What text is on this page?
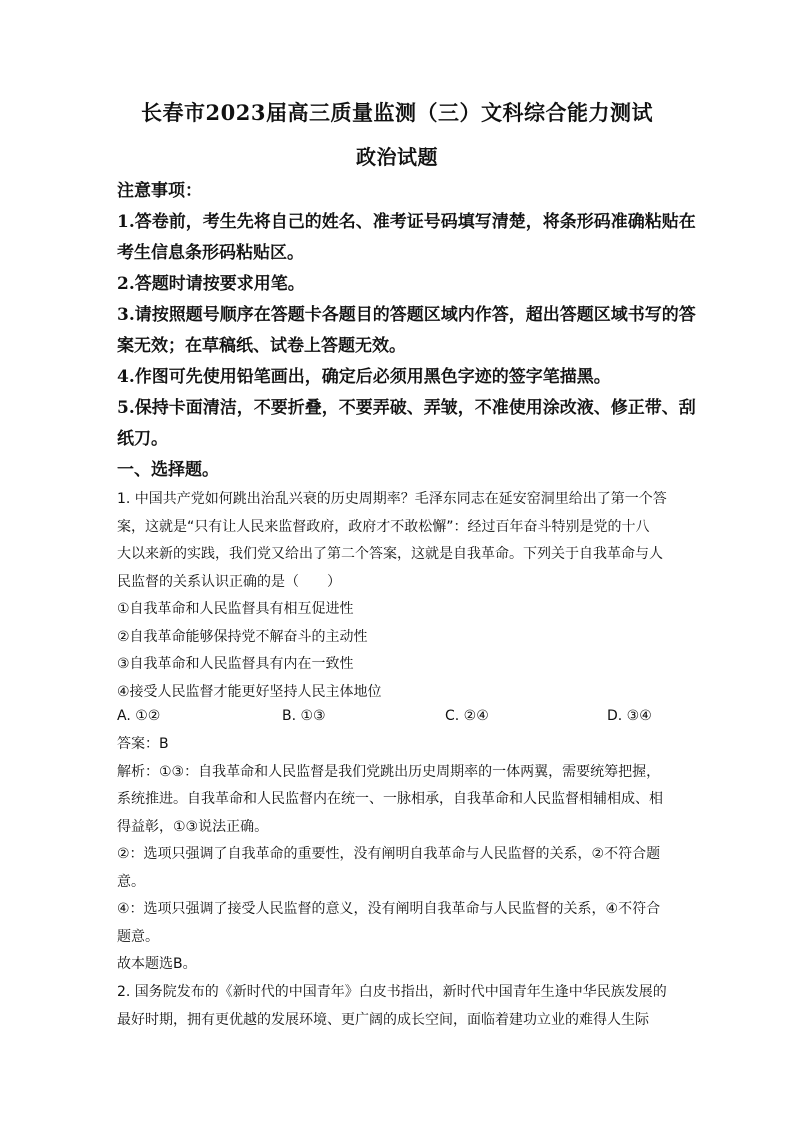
长春市2023届高三质量监测（三）文科综合能力测试
政治试题
注意事项：
1.答卷前，考生先将自己的姓名、准考证号码填写清楚，将条形码准确粘贴在
考生信息条形码粘贴区。
2.答题时请按要求用笔。
3.请按照题号顺序在答题卡各题目的答题区域内作答，超出答题区域书写的答
案无效；在草稿纸、试卷上答题无效。
4.作图可先使用铅笔画出，确定后必须用黑色字迹的签字笔描黑。
5.保持卡面清洁，不要折叠，不要弄破、弄皱，不准使用涂改液、修正带、刮
纸刀。
一、选择题。
1. 中国共产党如何跳出治乱兴衰的历史周期率？毛泽东同志在延安窑洞里给出了第一个答
案，这就是“只有让人民来监督政府，政府才不敢松懈”：经过百年奋斗特别是党的十八
大以来新的实践，我们党又给出了第二个答案，这就是自我革命。下列关于自我革命与人
民监督的关系认识正确的是（　　）
①自我革命和人民监督具有相互促进性
②自我革命能够保持党不解奋斗的主动性
③自我革命和人民监督具有内在一致性
④接受人民监督才能更好坚持人民主体地位
A. ①②	B. ①③	C. ②④	D. ③④
答案：B
解析：①③：自我革命和人民监督是我们党跳出历史周期率的一体两翼，需要统筹把握，
系统推进。自我革命和人民监督内在统一、一脉相承，自我革命和人民监督相辅相成、相
得益彰，①③说法正确。
②：选项只强调了自我革命的重要性，没有阐明自我革命与人民监督的关系，②不符合题
意。
④：选项只强调了接受人民监督的意义，没有阐明自我革命与人民监督的关系，④不符合
题意。
故本题选B。
2. 国务院发布的《新时代的中国青年》白皮书指出，新时代中国青年生逢中华民族发展的
最好时期，拥有更优越的发展环境、更广阔的成长空间，面临着建功立业的难得人生际
